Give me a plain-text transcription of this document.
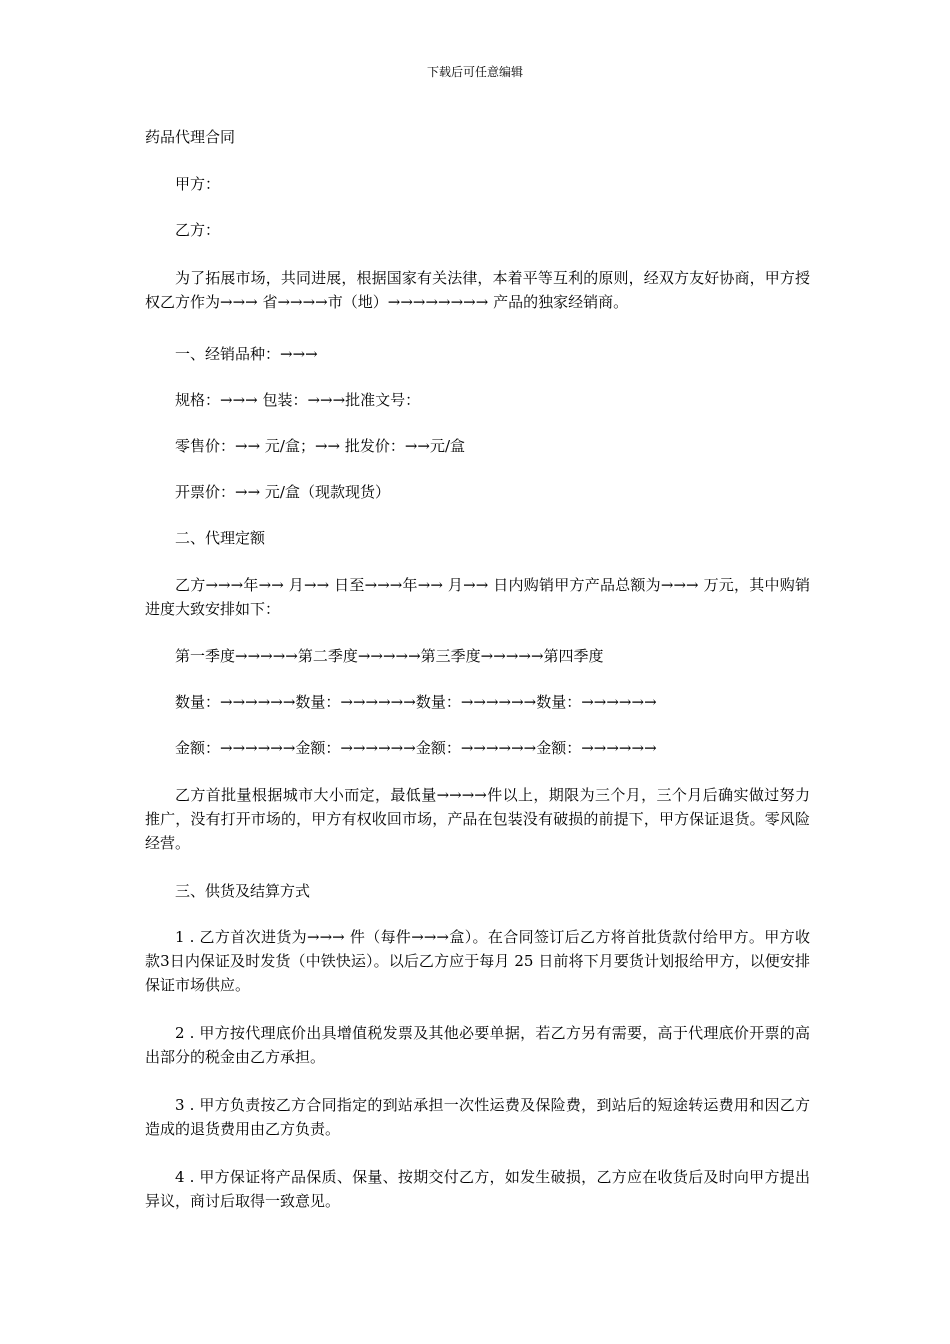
下载后可任意编辑

药品代理合同

甲方：

乙方：

为了拓展市场，共同进展，根据国家有关法律，本着平等互利的原则，经双方友好协商，甲方授权乙方作为→→→ 省→→→→市（地）→→→→→→→→ 产品的独家经销商。

一、经销品种：→→→

规格：→→→ 包装：→→→批准文号：

零售价：→→ 元/盒；→→ 批发价：→→元/盒

开票价：→→ 元/盒（现款现货）

二、代理定额

乙方→→→年→→ 月→→ 日至→→→年→→ 月→→ 日内购销甲方产品总额为→→→ 万元，其中购销进度大致安排如下：

第一季度→→→→→第二季度→→→→→第三季度→→→→→第四季度

数量：→→→→→→数量：→→→→→→数量：→→→→→→数量：→→→→→→

金额：→→→→→→金额：→→→→→→金额：→→→→→→金额：→→→→→→

乙方首批量根据城市大小而定，最低量→→→→件以上，期限为三个月，三个月后确实做过努力推广，没有打开市场的，甲方有权收回市场，产品在包装没有破损的前提下，甲方保证退货。零风险经营。

三、供货及结算方式

1 . 乙方首次进货为→→→ 件（每件→→→盒）。在合同签订后乙方将首批货款付给甲方。甲方收款3日内保证及时发货（中铁快运）。以后乙方应于每月 25 日前将下月要货计划报给甲方，以便安排保证市场供应。

2 . 甲方按代理底价出具增值税发票及其他必要单据，若乙方另有需要，高于代理底价开票的高出部分的税金由乙方承担。

3 . 甲方负责按乙方合同指定的到站承担一次性运费及保险费，到站后的短途转运费用和因乙方造成的退货费用由乙方负责。

4 . 甲方保证将产品保质、保量、按期交付乙方，如发生破损，乙方应在收货后及时向甲方提出异议，商讨后取得一致意见。
